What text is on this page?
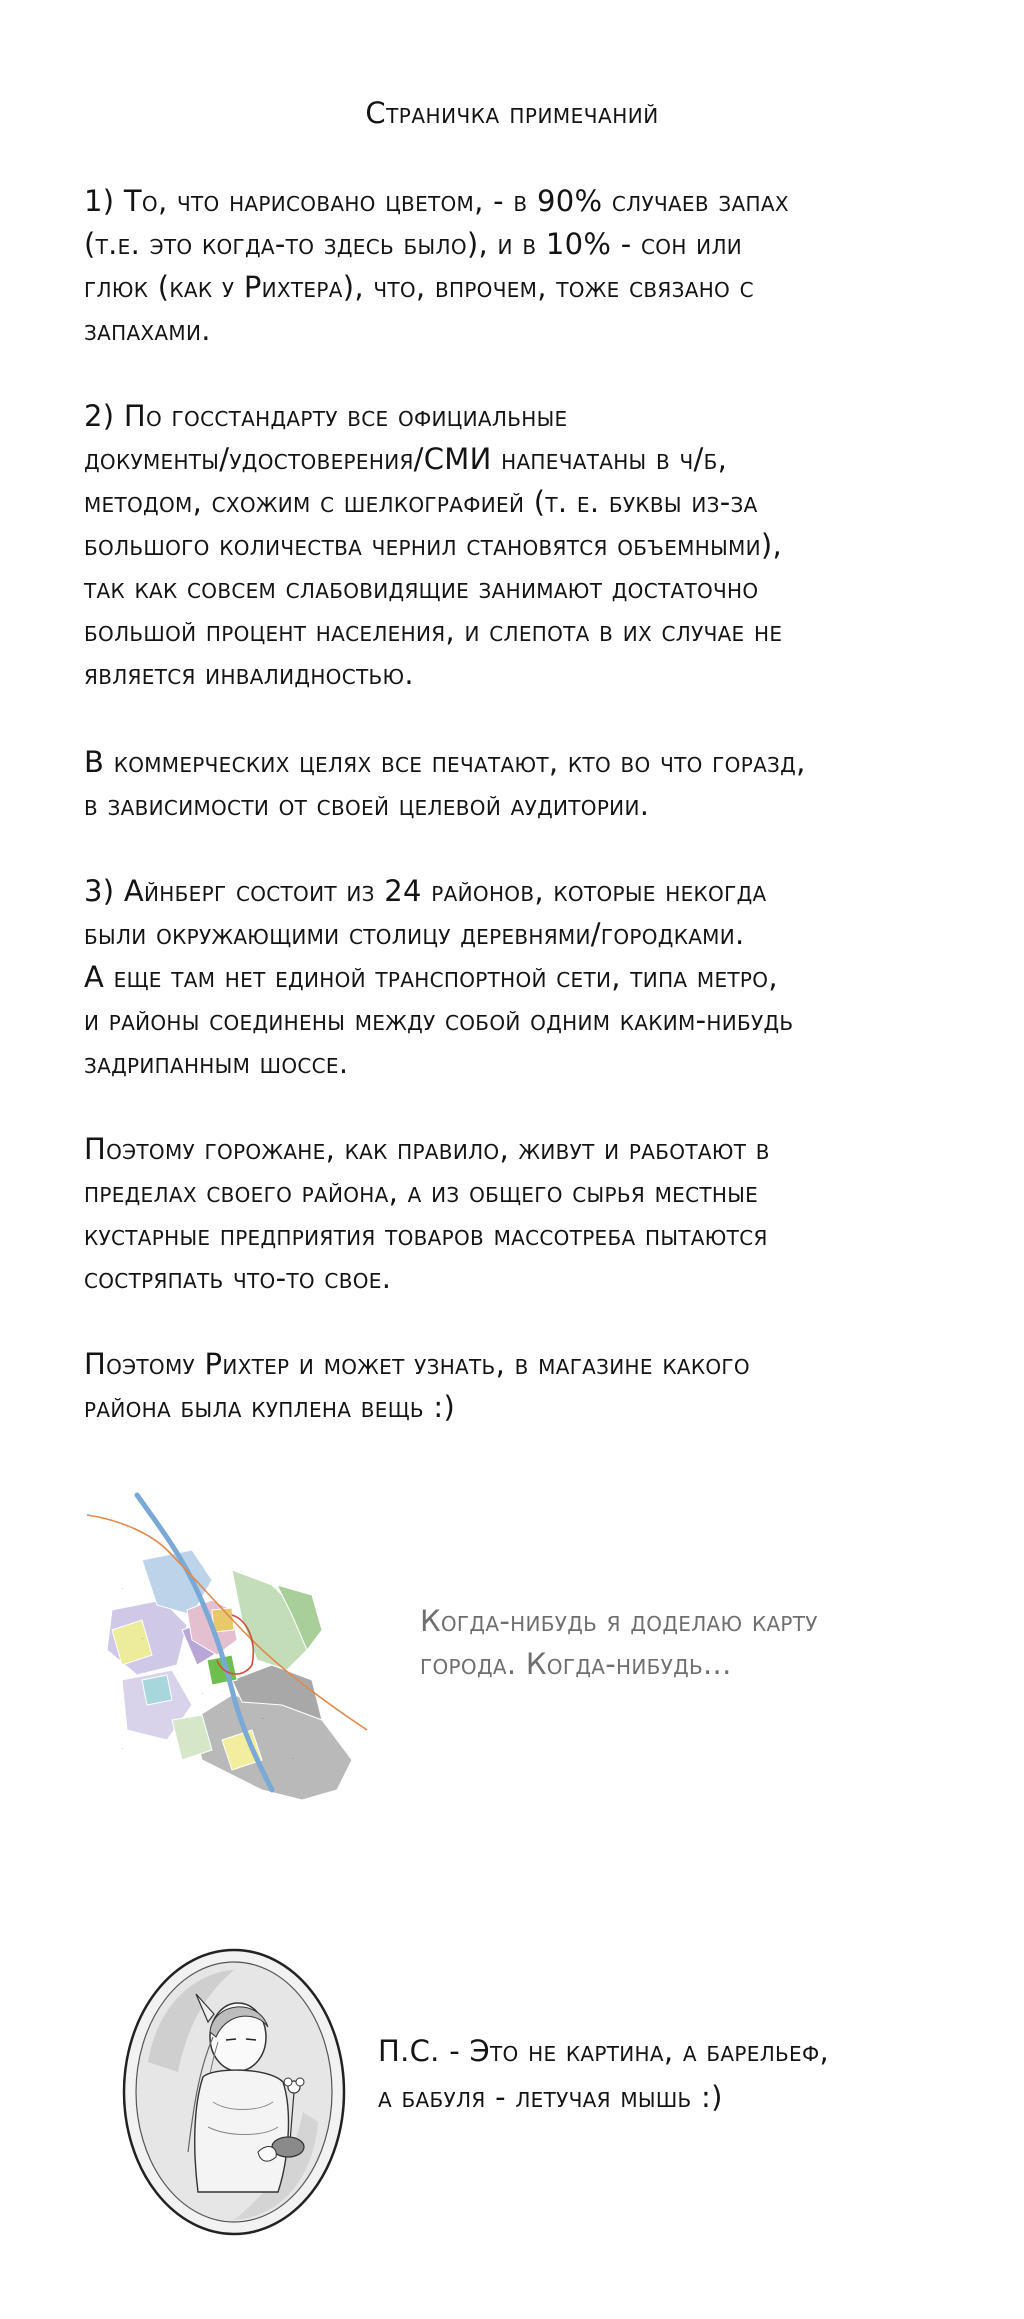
Страничка примечаний

1) То, что нарисовано цветом, - в 90% случаев запах
(т.е. это когда-то здесь было), и в 10% - сон или
глюк (как у Рихтера), что, впрочем, тоже связано с
запахами.

2) По госстандарту все официальные
документы/удостоверения/СМИ напечатаны в ч/б,
методом, схожим с шелкографией (т. е. буквы из-за
большого количества чернил становятся объемными),
так как совсем слабовидящие занимают достаточно
большой процент населения, и слепота в их случае не
является инвалидностью.

В коммерческих целях все печатают, кто во что горазд,
в зависимости от своей целевой аудитории.

3) Айнберг состоит из 24 районов, которые некогда
были окружающими столицу деревнями/городками.
А еще там нет единой транспортной сети, типа метро,
и районы соединены между собой одним каким-нибудь
задрипанным шоссе.

Поэтому горожане, как правило, живут и работают в
пределах своего района, а из общего сырья местные
кустарные предприятия товаров массотребa пытаются
состряпать что-то свое.

Поэтому Рихтер и может узнать, в магазине какого
района была куплена вещь :)

·
·
·
·
·
·
Когда-нибудь я доделаю карту
города. Когда-нибудь...
П.С. - Это не картина, а барельеф,
а бабуля - летучая мышь :)
